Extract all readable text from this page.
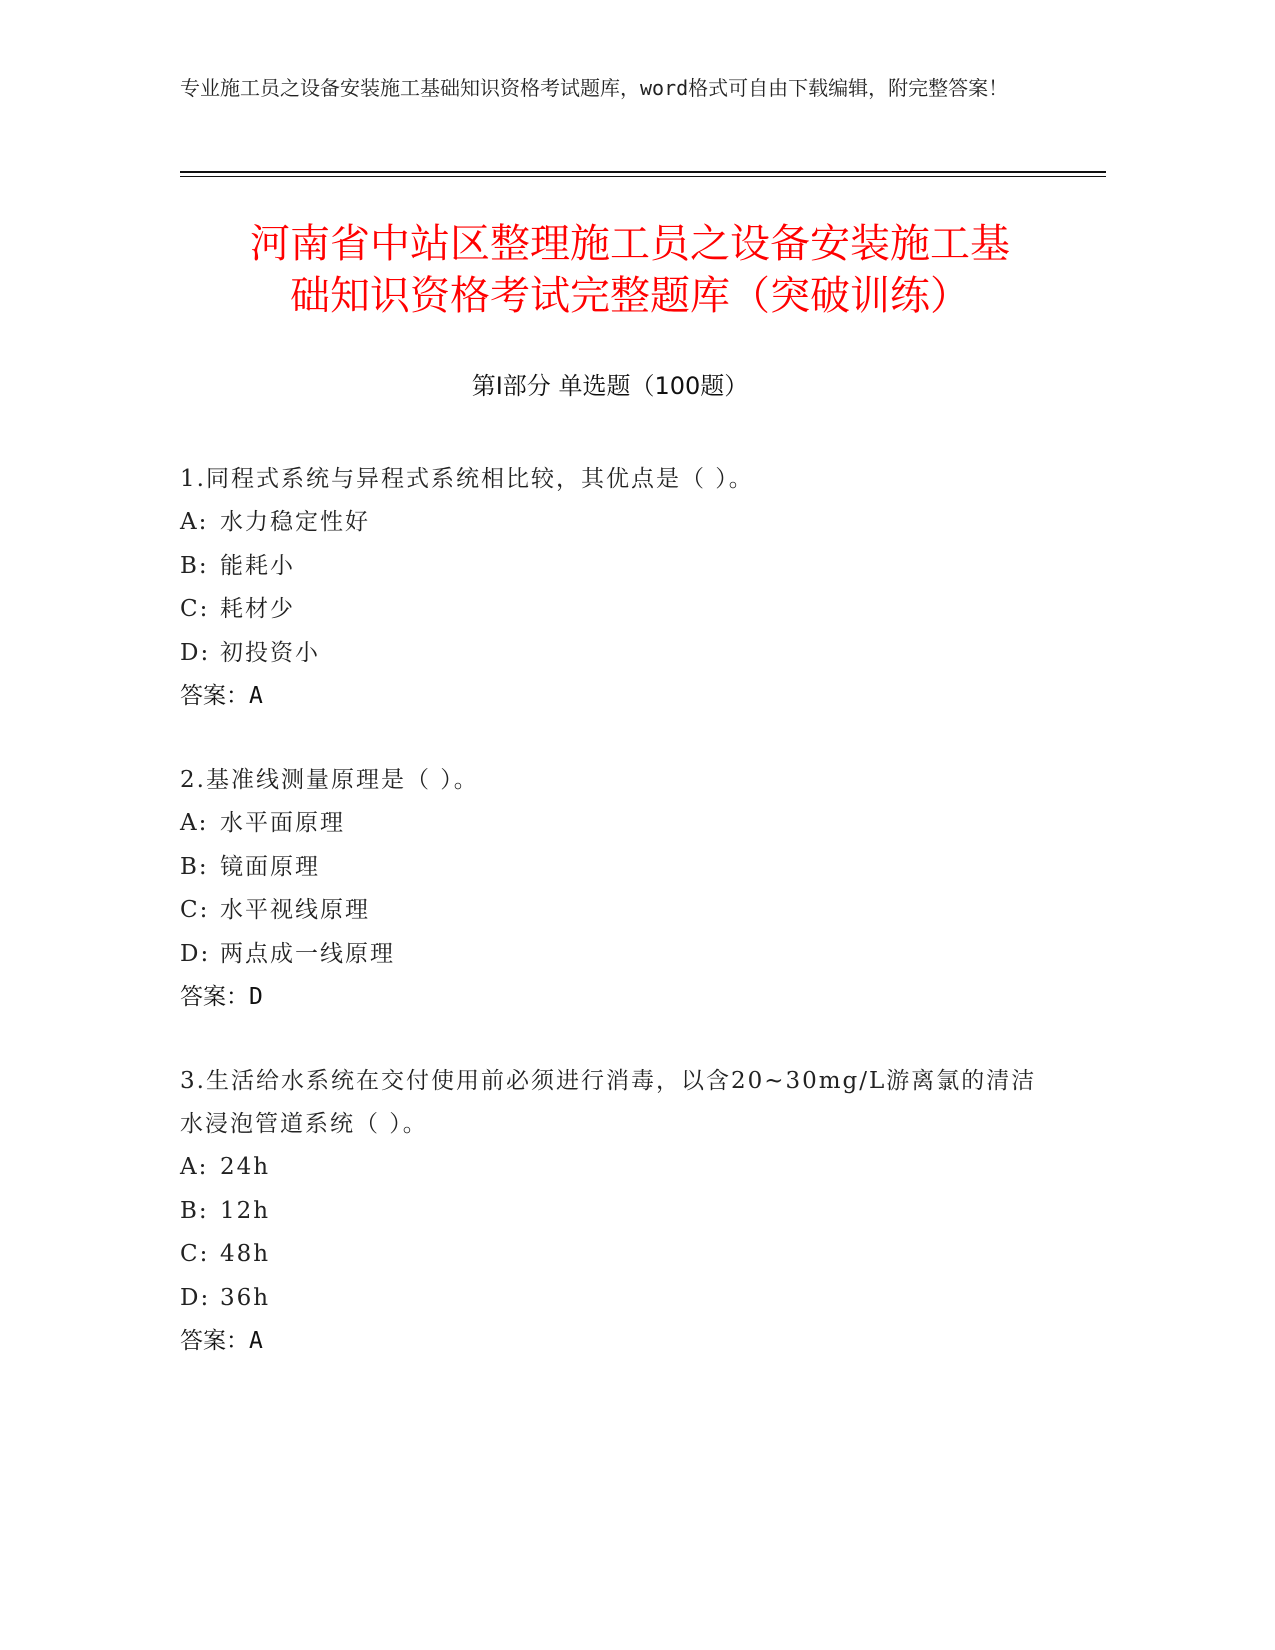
专业施工员之设备安装施工基础知识资格考试题库，word格式可自由下载编辑，附完整答案！
河南省中站区整理施工员之设备安装施工基
础知识资格考试完整题库（突破训练）
第Ⅰ部分 单选题（100题）
1.同程式系统与异程式系统相比较，其优点是（ ）。
A: 水力稳定性好
B: 能耗小
C: 耗材少
D: 初投资小
答案：A
2.基准线测量原理是（ ）。
A: 水平面原理
B: 镜面原理
C: 水平视线原理
D: 两点成一线原理
答案：D
3.生活给水系统在交付使用前必须进行消毒，以含20~30mg/L游离氯的清洁水浸泡管道系统（ ）。
A: 24h
B: 12h
C: 48h
D: 36h
答案：A
